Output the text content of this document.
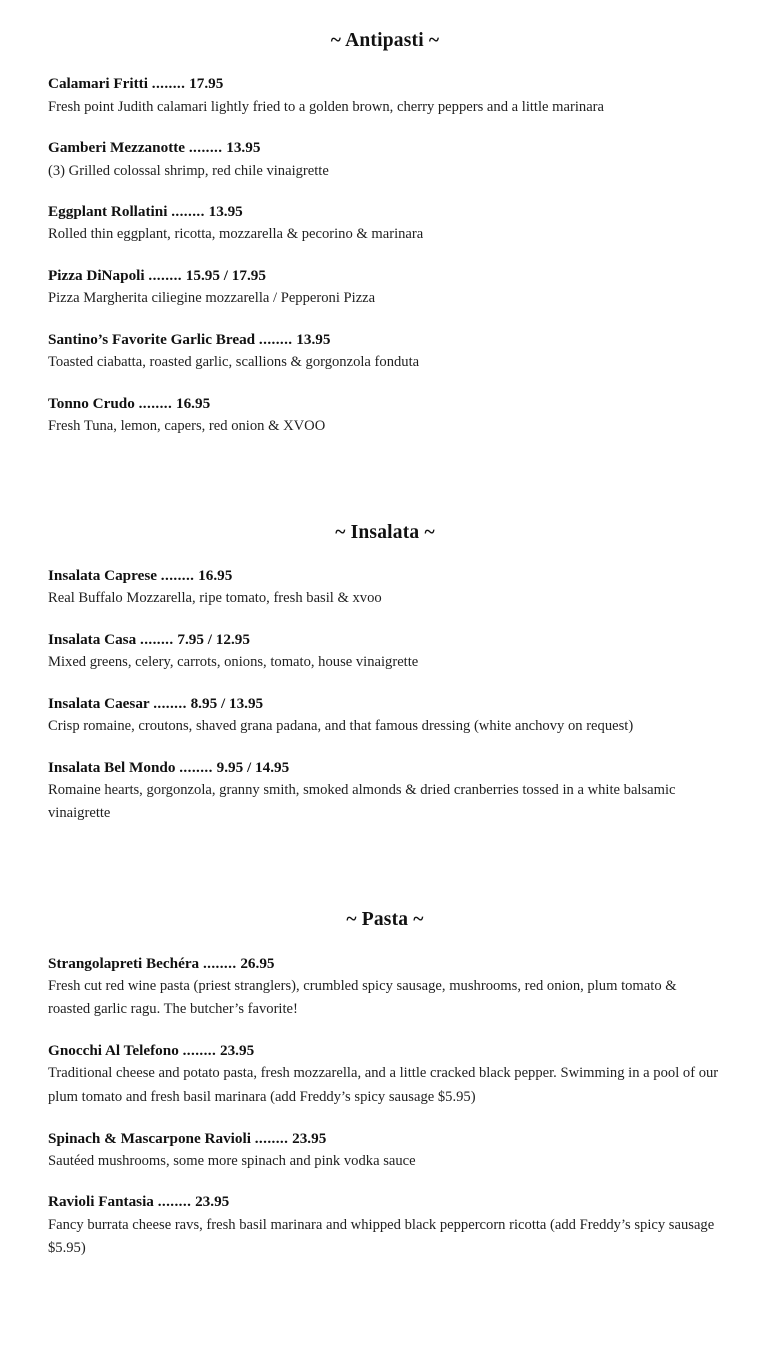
~ Antipasti ~
Calamari Fritti ........ 17.95
Fresh point Judith calamari lightly fried to a golden brown, cherry peppers and a little marinara
Gamberi Mezzanotte ........ 13.95
(3) Grilled colossal shrimp, red chile vinaigrette
Eggplant Rollatini ........ 13.95
Rolled thin eggplant, ricotta, mozzarella & pecorino & marinara
Pizza DiNapoli ........ 15.95 / 17.95
Pizza Margherita ciliegine mozzarella / Pepperoni Pizza
Santino’s Favorite Garlic Bread ........ 13.95
Toasted ciabatta, roasted garlic, scallions & gorgonzola fonduta
Tonno Crudo ........ 16.95
Fresh Tuna, lemon, capers, red onion & XVOO
~ Insalata ~
Insalata Caprese ........ 16.95
Real Buffalo Mozzarella, ripe tomato, fresh basil & xvoo
Insalata Casa ........ 7.95 / 12.95
Mixed greens, celery, carrots, onions, tomato, house vinaigrette
Insalata Caesar ........ 8.95 / 13.95
Crisp romaine, croutons, shaved grana padana, and that famous dressing (white anchovy on request)
Insalata Bel Mondo ........ 9.95 / 14.95
Romaine hearts, gorgonzola, granny smith, smoked almonds & dried cranberries tossed in a white balsamic vinaigrette
~ Pasta ~
Strangolapreti Bechéra ........ 26.95
Fresh cut red wine pasta (priest stranglers), crumbled spicy sausage, mushrooms, red onion, plum tomato & roasted garlic ragu. The butcher’s favorite!
Gnocchi Al Telefono ........ 23.95
Traditional cheese and potato pasta, fresh mozzarella, and a little cracked black pepper. Swimming in a pool of our plum tomato and fresh basil marinara (add Freddy’s spicy sausage $5.95)
Spinach & Mascarpone Ravioli ........ 23.95
Sautéed mushrooms, some more spinach and pink vodka sauce
Ravioli Fantasia ........ 23.95
Fancy burrata cheese ravs, fresh basil marinara and whipped black peppercorn ricotta (add Freddy’s spicy sausage $5.95)
